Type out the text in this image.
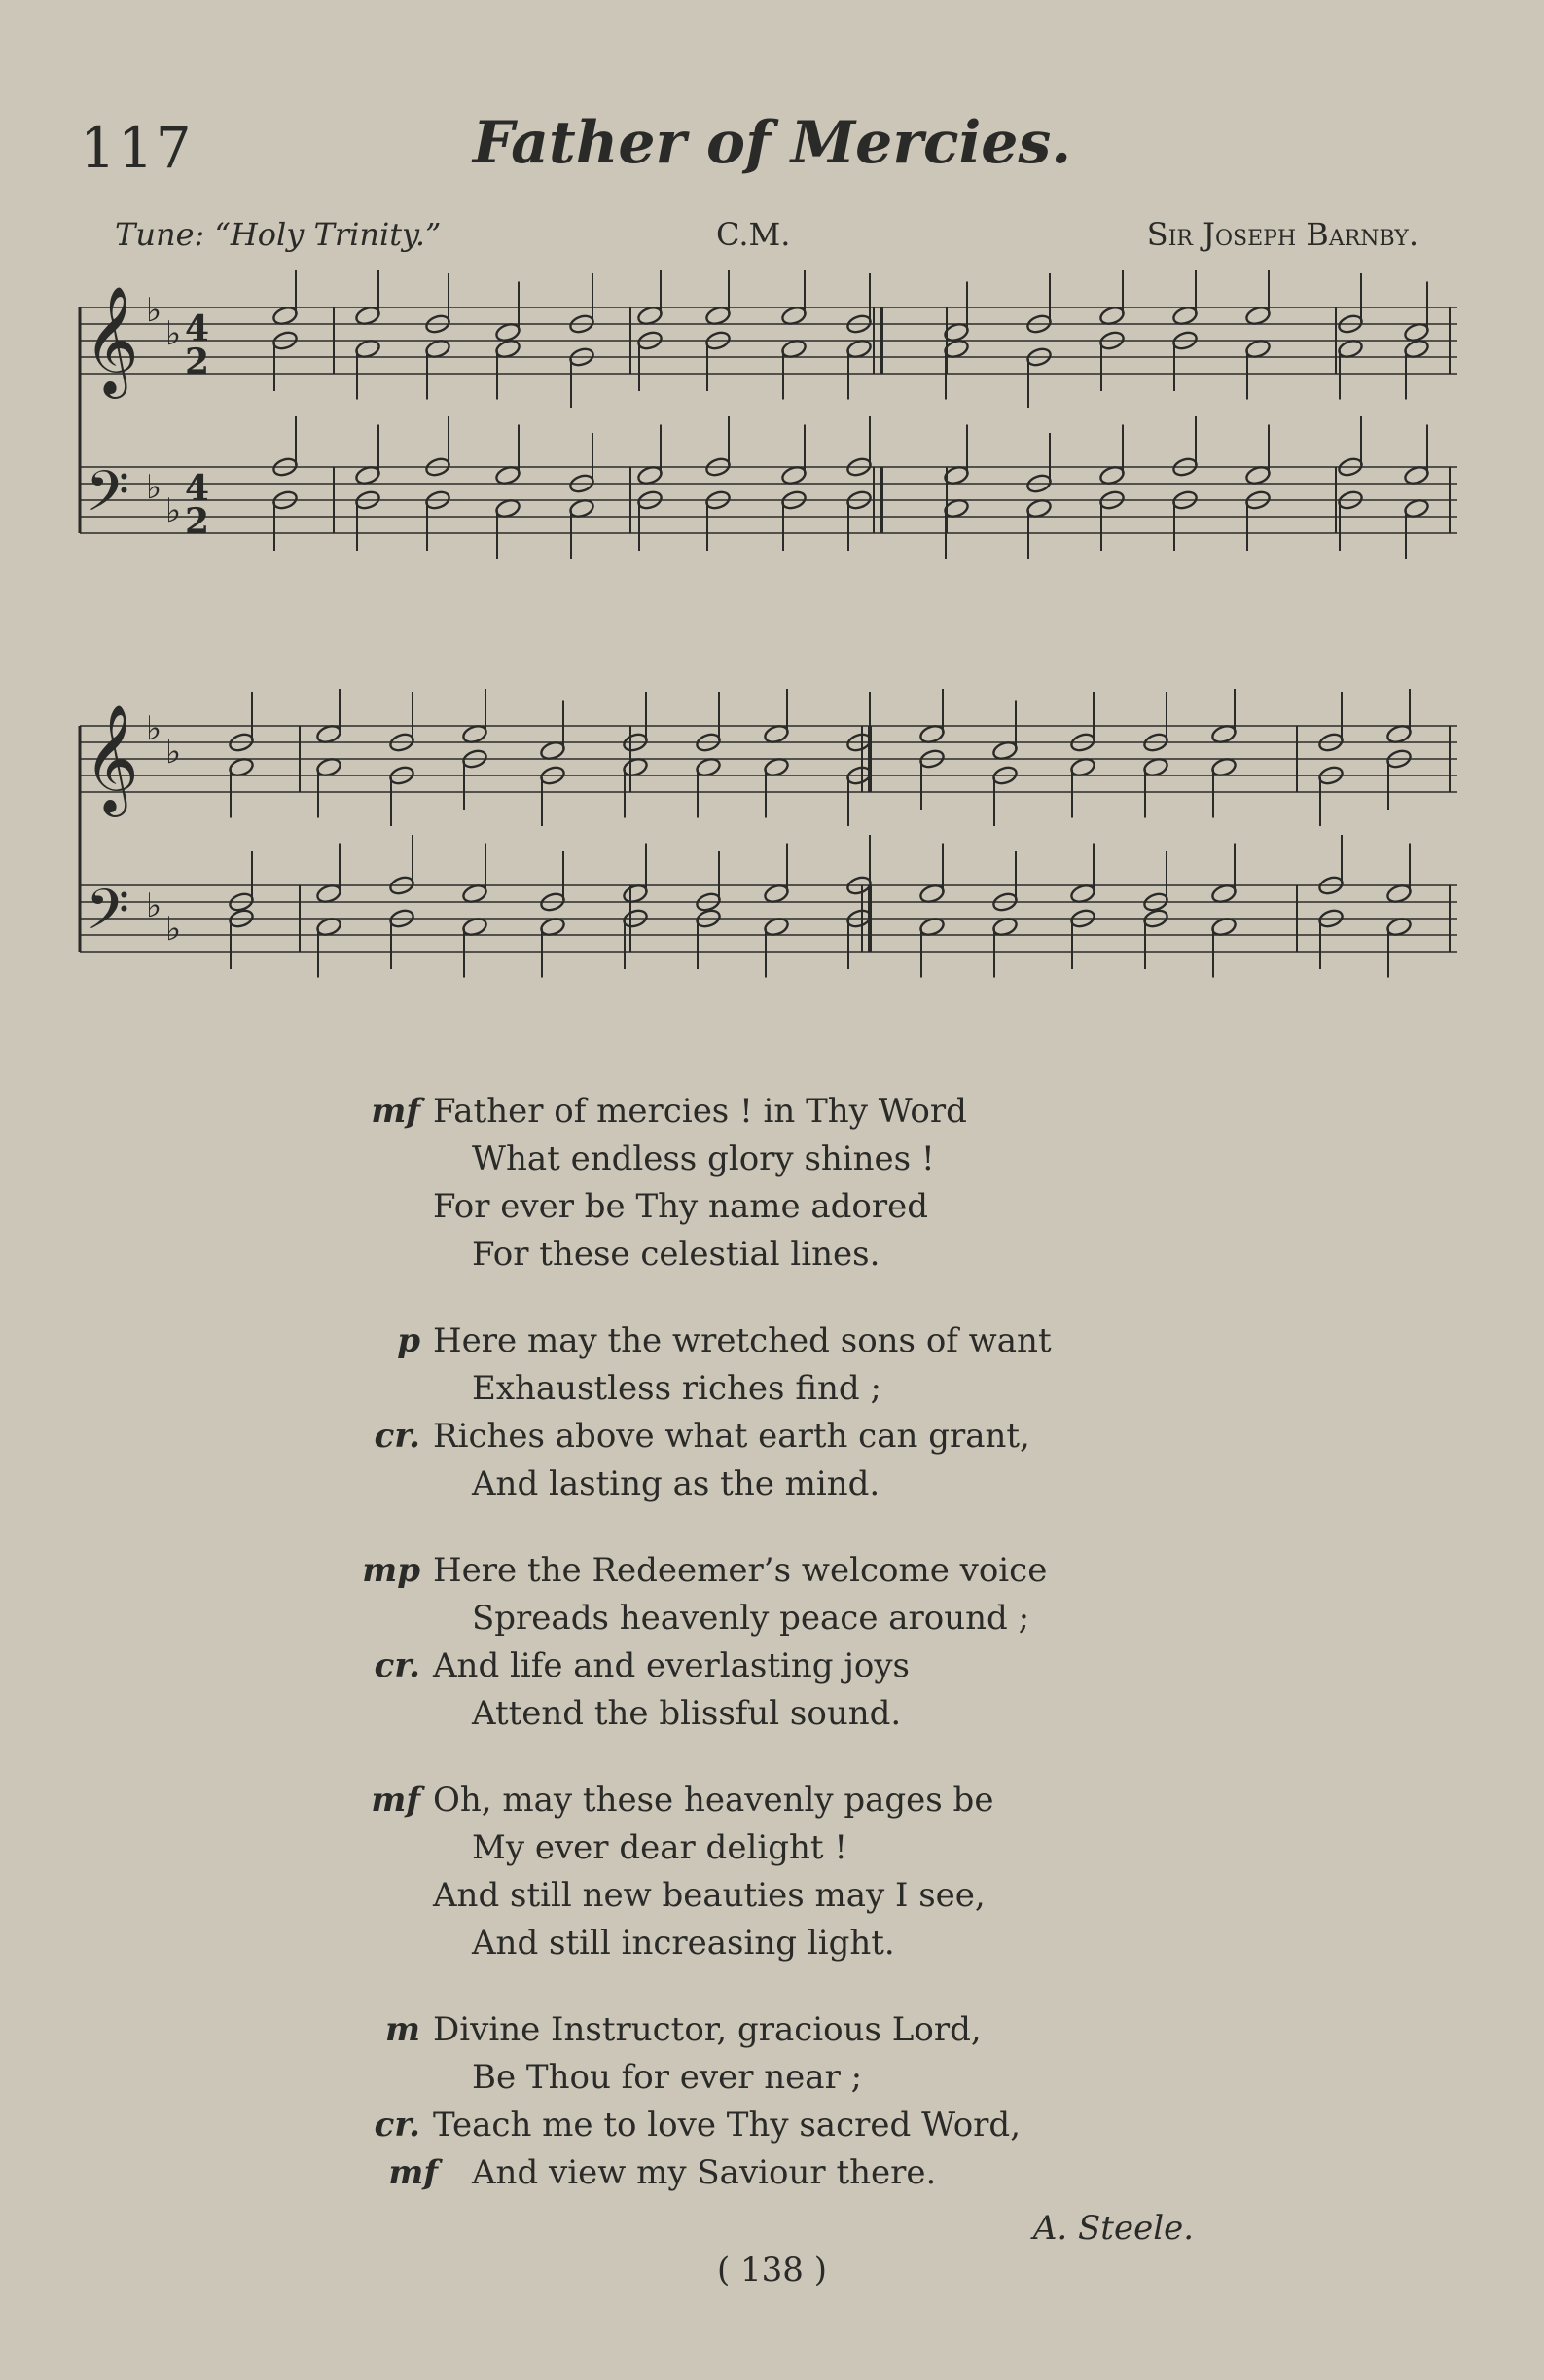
117	Father of Mercies.
Tune: “Holy Trinity.”	C.M.	Sir Joseph Barnby.
𝄞
𝄢
♭
♭
♭
♭
4
2
4
2
𝄞
𝄢
♭
♭
♭
♭
mf Father of mercies ! in Thy Word
What endless glory shines !
For ever be Thy name adored
For these celestial lines.
p Here may the wretched sons of want
Exhaustless riches find ;
cr. Riches above what earth can grant,
And lasting as the mind.
mp Here the Redeemer’s welcome voice
Spreads heavenly peace around ;
cr. And life and everlasting joys
Attend the blissful sound.
mf Oh, may these heavenly pages be
My ever dear delight !
And still new beauties may I see,
And still increasing light.
m Divine Instructor, gracious Lord,
Be Thou for ever near ;
cr. Teach me to love Thy sacred Word,
mf And view my Saviour there.
A. Steele.
( 138 )
